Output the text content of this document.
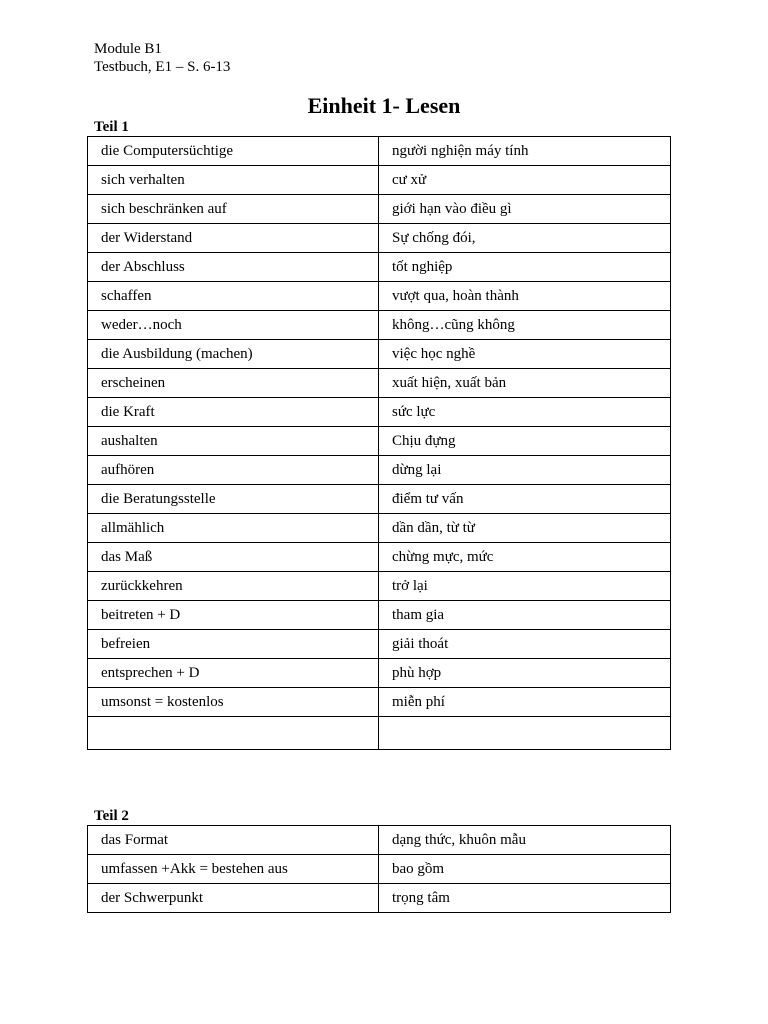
Module B1
Testbuch, E1 – S. 6-13
Einheit 1- Lesen
Teil 1
die Computersüchtige	người nghiện máy tính
sich verhalten	cư xử
sich beschränken auf	giới hạn vào điều gì
der Widerstand	Sự chống đói,
der Abschluss	tốt nghiệp
schaffen	vượt qua, hoàn thành
weder…noch	không…cũng không
die Ausbildung (machen)	việc học nghề
erscheinen	xuất hiện, xuất bản
die Kraft	sức lực
aushalten	Chịu đựng
aufhören	dừng lại
die Beratungsstelle	điểm tư vấn
allmählich	dần dần, từ từ
das Maß	chừng mực, mức
zurückkehren	trở lại
beitreten + D	tham gia
befreien	giải thoát
entsprechen + D	phù hợp
umsonst = kostenlos	miễn phí

Teil 2
das Format	dạng thức, khuôn mẫu
umfassen +Akk = bestehen aus	bao gồm
der Schwerpunkt	trọng tâm
